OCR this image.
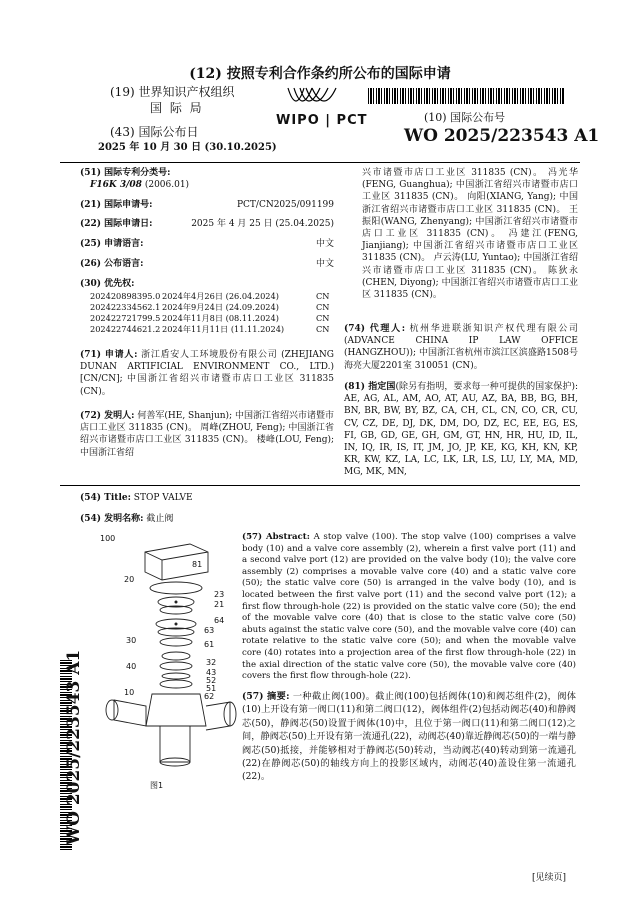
(12) 按照专利合作条约所公布的国际申请
(19) 世界知识产权组织
国 际 局
(43) 国际公布日
2025 年 10 月 30 日 (30.10.2025)
WIPO | PCT	(10) 国际公布号
WO 2025/223543 A1
(51) 国际专利分类号:
F16K 3/08 (2006.01)
(21) 国际申请号:	PCT/CN2025/091199
(22) 国际申请日:	2025 年 4 月 25 日 (25.04.2025)
(25) 申请语言:	中文
(26) 公布语言:	中文
(30) 优先权:
202420898395.0 2024年4月26日 (26.04.2024)	CN
202422334562.1 2024年9月24日 (24.09.2024)	CN
202422721799.5 2024年11月8日 (08.11.2024)	CN
202422744621.2 2024年11月11日 (11.11.2024)	CN
(71) 申请人: 浙江盾安人工环境股份有限公司 (ZHEJIANG DUNAN ARTIFICIAL ENVIRONMENT CO., LTD.) [CN/CN]; 中国浙江省绍兴市诸暨市店口工业区 311835 (CN)。
(72) 发明人: 何善军(HE, Shanjun); 中国浙江省绍兴市诸暨市店口工业区 311835 (CN)。 周峰(ZHOU, Feng); 中国浙江省绍兴市诸暨市店口工业区 311835 (CN)。 楼峰(LOU, Feng); 中国浙江省绍
兴市诸暨市店口工业区 311835 (CN)。 冯光华(FENG, Guanghua); 中国浙江省绍兴市诸暨市店口工业区 311835 (CN)。 向阳(XIANG, Yang); 中国浙江省绍兴市诸暨市店口工业区 311835 (CN)。 王振阳(WANG, Zhenyang); 中国浙江省绍兴市诸暨市店口工业区 311835 (CN)。 冯建江(FENG, Jianjiang); 中国浙江省绍兴市诸暨市店口工业区 311835 (CN)。 卢云涛(LU, Yuntao); 中国浙江省绍兴市诸暨市店口工业区 311835 (CN)。 陈狄永(CHEN, Diyong); 中国浙江省绍兴市诸暨市店口工业区 311835 (CN)。
(74) 代理人: 杭州华进联浙知识产权代理有限公司 (ADVANCE CHINA IP LAW OFFICE (HANGZHOU)); 中国浙江省杭州市滨江区滨盛路1508号海亮大厦2201室 310051 (CN)。
(81) 指定国(除另有指明，要求每一种可提供的国家保护): AE, AG, AL, AM, AO, AT, AU, AZ, BA, BB, BG, BH, BN, BR, BW, BY, BZ, CA, CH, CL, CN, CO, CR, CU, CV, CZ, DE, DJ, DK, DM, DO, DZ, EC, EE, EG, ES, FI, GB, GD, GE, GH, GM, GT, HN, HR, HU, ID, IL, IN, IQ, IR, IS, IT, JM, JO, JP, KE, KG, KH, KN, KP, KR, KW, KZ, LA, LC, LK, LR, LS, LU, LY, MA, MD, MG, MK, MN,
(54) Title: STOP VALVE
(54) 发明名称: 截止阀
100
81
20
23
21
64
63
30	61
32
40
43
52
51
10	62
图1
(57) Abstract: A stop valve (100). The stop valve (100) comprises a valve body (10) and a valve core assembly (2), wherein a first valve port (11) and a second valve port (12) are provided on the valve body (10); the valve core assembly (2) comprises a movable valve core (40) and a static valve core (50); the static valve core (50) is arranged in the valve body (10), and is located between the first valve port (11) and the second valve port (12); a first flow through-hole (22) is provided on the static valve core (50); the end of the movable valve core (40) that is close to the static valve core (50) abuts against the static valve core (50), and the movable valve core (40) can rotate relative to the static valve core (50); and when the movable valve core (40) rotates into a projection area of the first flow through-hole (22) in the axial direction of the static valve core (50), the movable valve core (40) covers the first flow through-hole (22).
(57) 摘要: 一种截止阀(100)。截止阀(100)包括阀体(10)和阀芯组件(2)，阀体(10)上开设有第一阀口(11)和第二阀口(12)，阀体组件(2)包括动阀芯(40)和静阀芯(50)，静阀芯(50)设置于阀体(10)中，且位于第一阀口(11)和第二阀口(12)之间，静阀芯(50)上开设有第一流通孔(22)，动阀芯(40)靠近静阀芯(50)的一端与静阀芯(50)抵接，并能够相对于静阀芯(50)转动，当动阀芯(40)转动到第一流通孔(22)在静阀芯(50)的轴线方向上的投影区域内，动阀芯(40)盖设住第一流通孔(22)。
WO 2025/223543 A1
[见续页]
